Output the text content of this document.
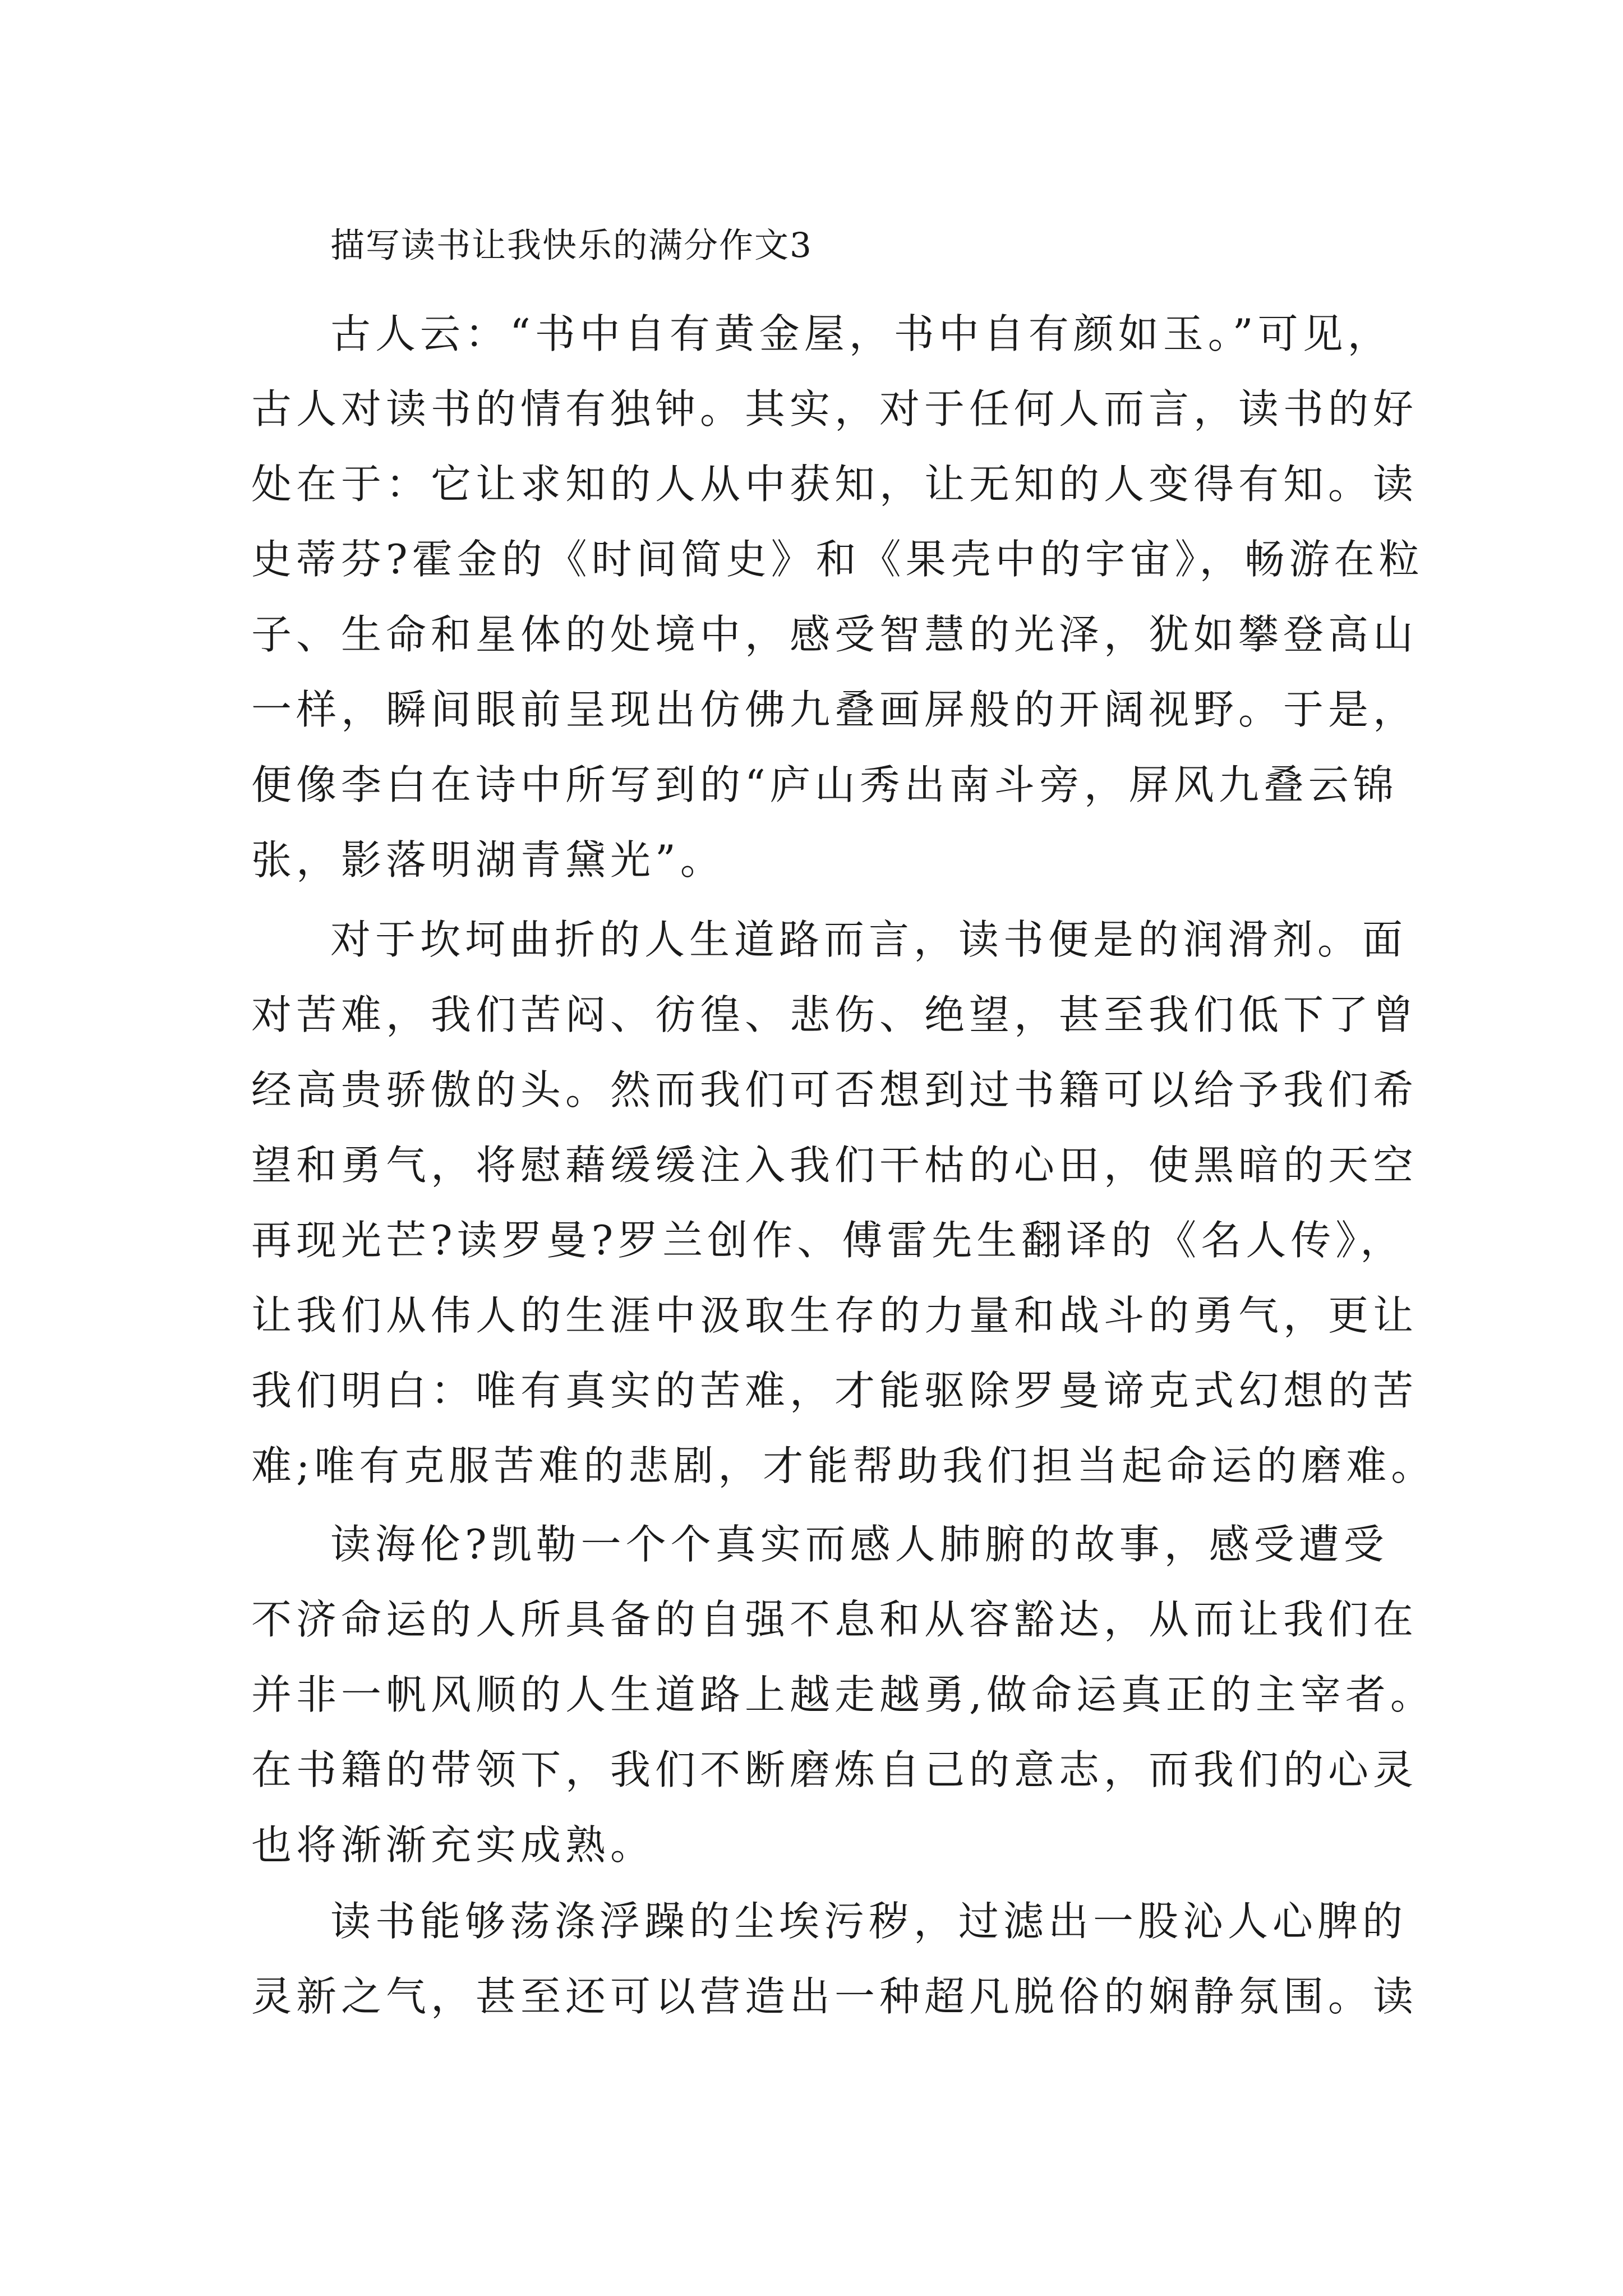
描写读书让我快乐的满分作文3
古人云：“书中自有黄金屋，书中自有颜如玉。”可见，
古人对读书的情有独钟。其实，对于任何人而言，读书的好
处在于：它让求知的人从中获知，让无知的人变得有知。读
史蒂芬?霍金的《时间简史》和《果壳中的宇宙》，畅游在粒
子、生命和星体的处境中，感受智慧的光泽，犹如攀登高山
一样，瞬间眼前呈现出仿佛九叠画屏般的开阔视野。于是，
便像李白在诗中所写到的“庐山秀出南斗旁，屏风九叠云锦
张，影落明湖青黛光”。
对于坎坷曲折的人生道路而言，读书便是的润滑剂。面
对苦难，我们苦闷、彷徨、悲伤、绝望，甚至我们低下了曾
经高贵骄傲的头。然而我们可否想到过书籍可以给予我们希
望和勇气，将慰藉缓缓注入我们干枯的心田，使黑暗的天空
再现光芒?读罗曼?罗兰创作、傅雷先生翻译的《名人传》，
让我们从伟人的生涯中汲取生存的力量和战斗的勇气，更让
我们明白：唯有真实的苦难，才能驱除罗曼谛克式幻想的苦
难;唯有克服苦难的悲剧，才能帮助我们担当起命运的磨难。
读海伦?凯勒一个个真实而感人肺腑的故事，感受遭受
不济命运的人所具备的自强不息和从容豁达，从而让我们在
并非一帆风顺的人生道路上越走越勇,做命运真正的主宰者。
在书籍的带领下，我们不断磨炼自己的意志，而我们的心灵
也将渐渐充实成熟。
读书能够荡涤浮躁的尘埃污秽，过滤出一股沁人心脾的
灵新之气，甚至还可以营造出一种超凡脱俗的娴静氛围。读
